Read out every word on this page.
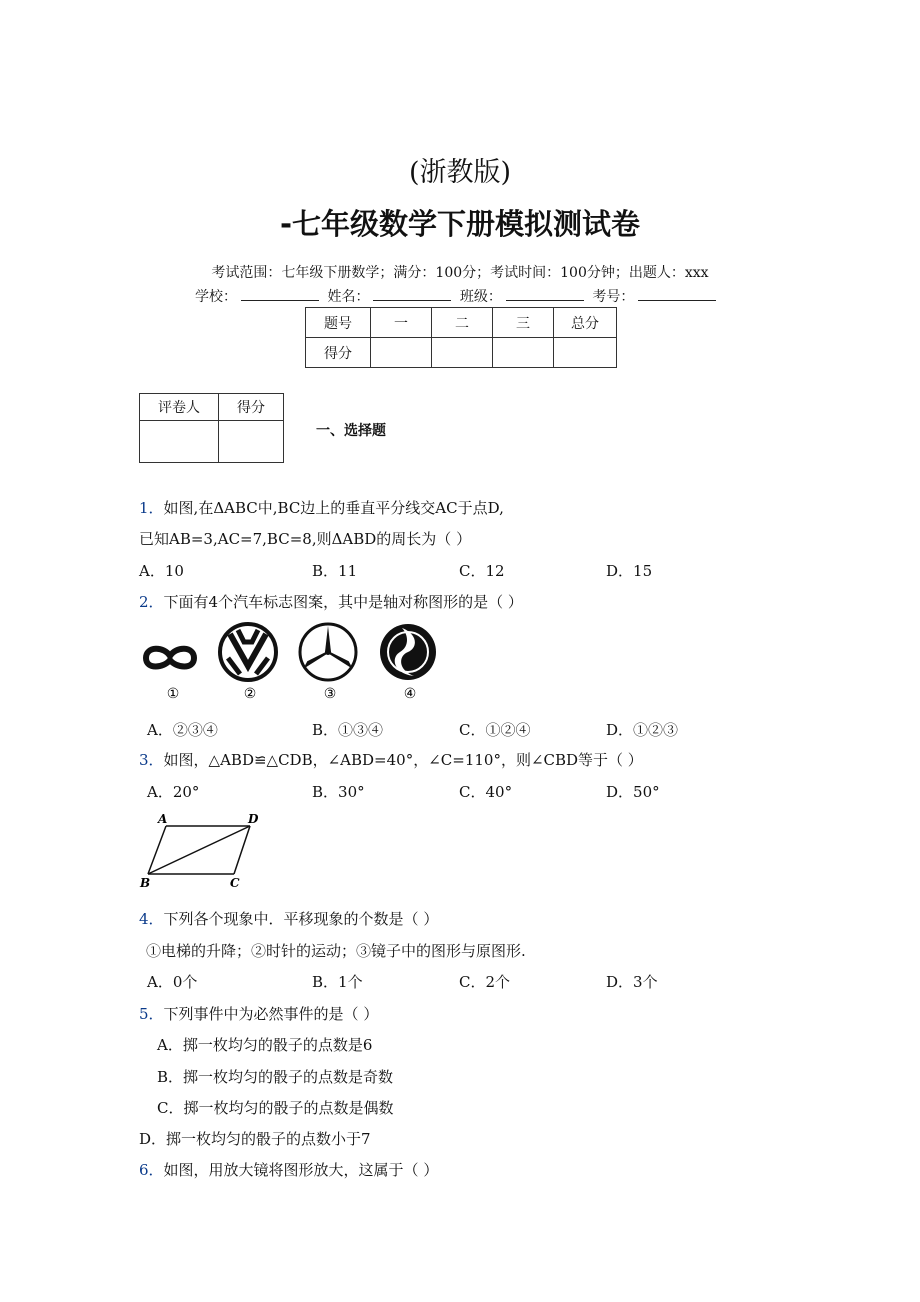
(浙教版)
-七年级数学下册模拟测试卷
考试范围：七年级下册数学；满分：100分；考试时间：100分钟；出题人：xxx
学校：	姓名：	班级：	考号：
题号	一	二	三	总分
得分				
评卷人	得分

一、选择题
1．如图,在ΔABC中,BC边上的垂直平分线交AC于点D,
已知AB=3,AC=7,BC=8,则ΔABD的周长为（ ）
A．10	B．11	C．12	D．15
2．下面有4个汽车标志图案，其中是轴对称图形的是（ ）
①	②	③	④
A．②③④	B．①③④	C．①②④	D．①②③
3．如图，△ABD≌△CDB，∠ABD=40°，∠C=110°，则∠CBD等于（ ）
A．20°	B．30°	C．40°	D．50°
A	D
B	C
4．下列各个现象中．平移现象的个数是（ ）
①电梯的升降；②时针的运动；③镜子中的图形与原图形.
A．0个	B．1个	C．2个	D．3个
5．下列事件中为必然事件的是（ ）
A．掷一枚均匀的骰子的点数是6
B．掷一枚均匀的骰子的点数是奇数
C．掷一枚均匀的骰子的点数是偶数
D．掷一枚均匀的骰子的点数小于7
6．如图，用放大镜将图形放大，这属于（ ）
